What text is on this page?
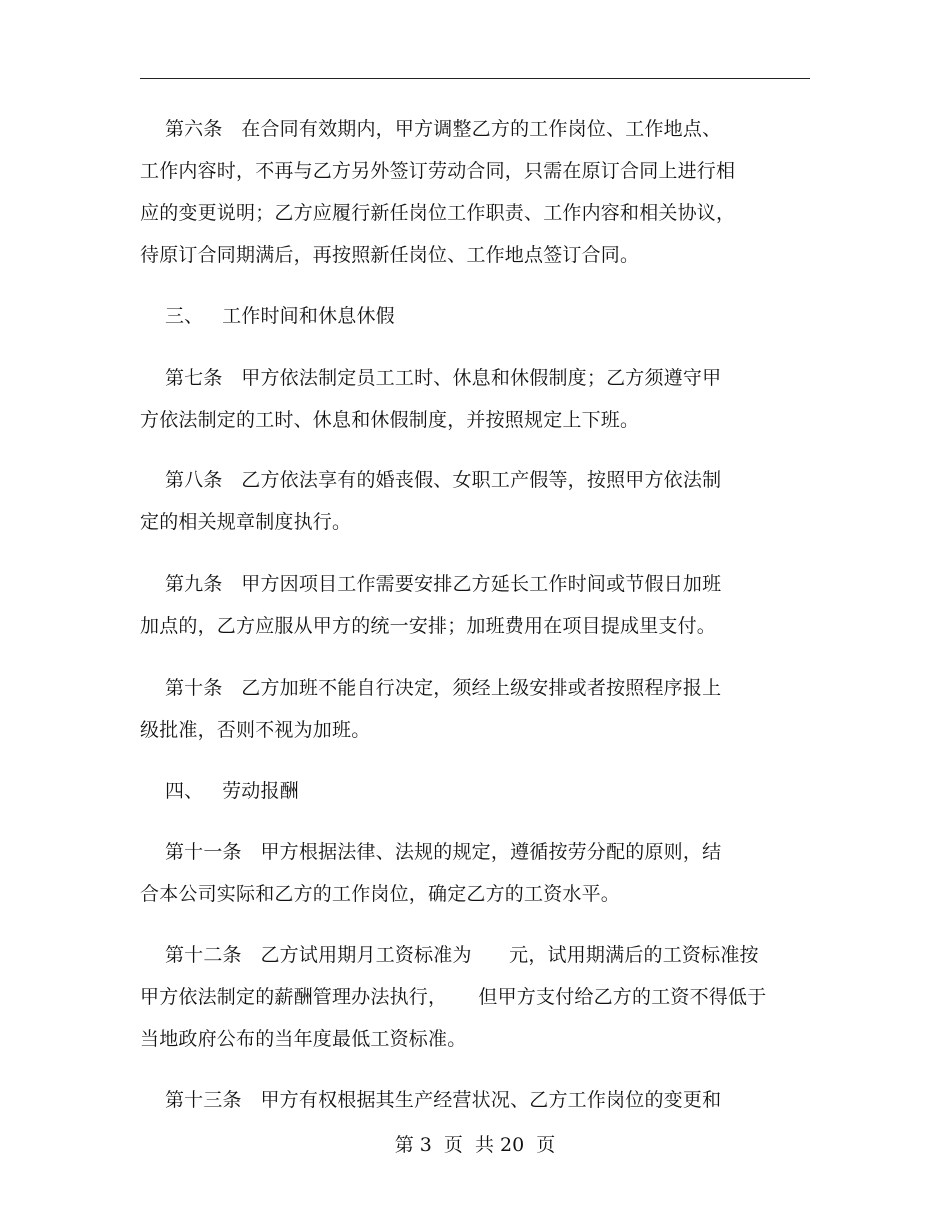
第六条   在合同有效期内，甲方调整乙方的工作岗位、工作地点、
工作内容时，不再与乙方另外签订劳动合同，只需在原订合同上进行相
应的变更说明；乙方应履行新任岗位工作职责、工作内容和相关协议，
待原订合同期满后，再按照新任岗位、工作地点签订合同。
三、   工作时间和休息休假
第七条   甲方依法制定员工工时、休息和休假制度；乙方须遵守甲
方依法制定的工时、休息和休假制度，并按照规定上下班。
第八条   乙方依法享有的婚丧假、女职工产假等，按照甲方依法制
定的相关规章制度执行。
第九条   甲方因项目工作需要安排乙方延长工作时间或节假日加班
加点的，乙方应服从甲方的统一安排；加班费用在项目提成里支付。
第十条   乙方加班不能自行决定，须经上级安排或者按照程序报上
级批准，否则不视为加班。
四、   劳动报酬
第十一条   甲方根据法律、法规的规定，遵循按劳分配的原则，结
合本公司实际和乙方的工作岗位，确定乙方的工资水平。
第十二条   乙方试用期月工资标准为      元，试用期满后的工资标准按
甲方依法制定的薪酬管理办法执行，     但甲方支付给乙方的工资不得低于
当地政府公布的当年度最低工资标准。
第十三条   甲方有权根据其生产经营状况、乙方工作岗位的变更和
第 3  页  共 20  页
